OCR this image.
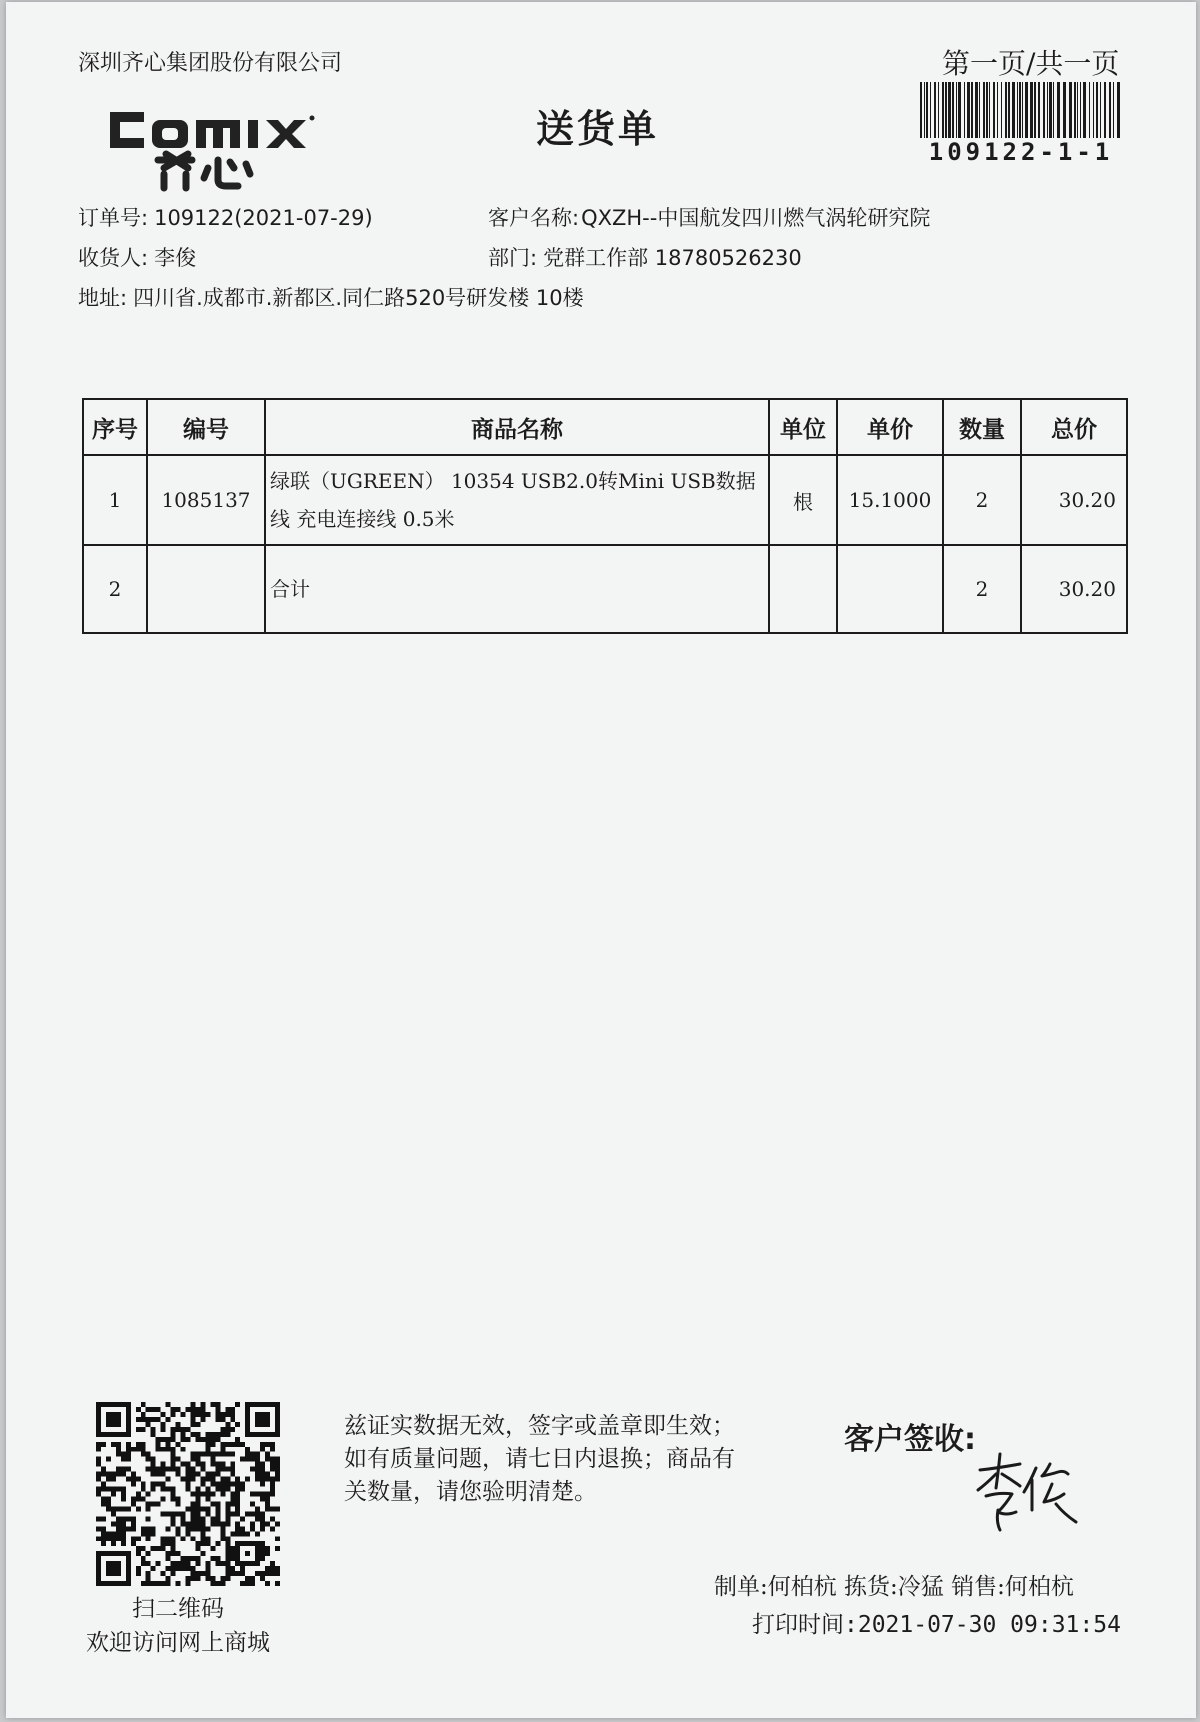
深圳齐心集团股份有限公司	第一页/共一页
109122-1-1
送货单
订单号: 109122(2021-07-29)	客户名称:QXZH--中国航发四川燃气涡轮研究院
收货人: 李俊	部门: 党群工作部 18780526230
地址: 四川省.成都市.新都区.同仁路520号研发楼 10楼
序号	编号	商品名称	单位	单价	数量	总价
1	1085137	绿联（UGREEN） 10354 USB2.0转Mini USB数据
线 充电连接线 0.5米	根	15.1000	2	30.20
2		合计			2	30.20
扫二维码
欢迎访问网上商城
兹证实数据无效，签字或盖章即生效；如有质量问题，请七日内退换；商品有关数量，请您验明清楚。
客户签收:
制单:何柏杭 拣货:冷猛 销售:何柏杭
打印时间:2021-07-30 09:31:54
